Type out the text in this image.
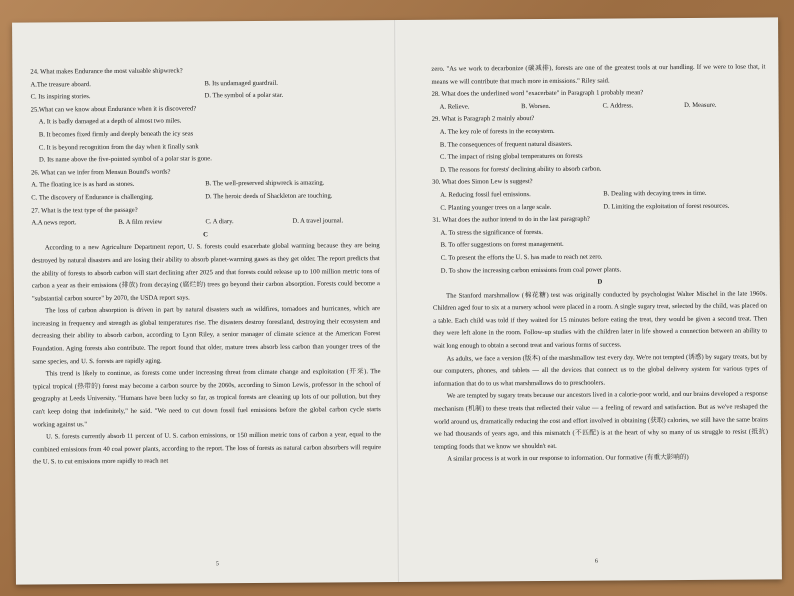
24. What makes Endurance the most valuable shipwreck?
A.The treasure aboard.	B. Its undamaged guardrail.
C. Its inspiring stories.	D. The symbol of a polar star.
25.What can we know about Endurance when it is discovered?
A. It is badly damaged at a depth of almost two miles.
B. It becomes fixed firmly and deeply beneath the icy seas
C. It is beyond recognition from the day when it finally sank
D. Its name above the five-pointed symbol of a polar star is gone.
26. What can we infer from Mensun Bound's words?
A. The floating ice is as hard as stones.	B. The well-preserved shipwreck is amazing.
C. The discovery of Endurance is challenging.	D. The heroic deeds of Shackleton are touching.
27. What is the text type of the passage?
A.A news report.	B. A film review	C. A diary.	D. A travel journal.
C

According to a new Agriculture Department report, U. S. forests could exacerbate global warming because they are being destroyed by natural disasters and are losing their ability to absorb planet-warming gases as they get older. The report predicts that the ability of forests to absorb carbon will start declining after 2025 and that forests could release up to 100 million metric tons of carbon a year as their emissions (排放) from decaying (腐烂的) trees go beyond their carbon absorption. Forests could become a "substantial carbon source" by 2070, the USDA report says.

The loss of carbon absorption is driven in part by natural disasters such as wildfires, tornadoes and hurricanes, which are increasing in frequency and strength as global temperatures rise. The disasters destroy forestland, destroying their ecosystem and decreasing their ability to absorb carbon, according to Lynn Riley, a senior manager of climate science at the American Forest Foundation. Aging forests also contribute. The report found that older, mature trees absorb less carbon than younger trees of the same species, and U. S. forests are rapidly aging.

This trend is likely to continue, as forests come under increasing threat from climate change and exploitation (开采). The typical tropical (热带的) forest may become a carbon source by the 2060s, according to Simon Lewis, professor in the school of geography at Leeds University. "Humans have been lucky so far, as tropical forests are cleaning up lots of our pollution, but they can't keep doing that indefinitely," he said. "We need to cut down fossil fuel emissions before the global carbon cycle starts working against us."

U. S. forests currently absorb 11 percent of U. S. carbon emissions, or 150 million metric tons of carbon a year, equal to the combined emissions from 40 coal power plants, according to the report. The loss of forests as natural carbon absorbers will require the U. S. to cut emissions more rapidly to reach net

5

zero. "As we work to decarbonize (碳减排), forests are one of the greatest tools at our handling. If we were to lose that, it means we will contribute that much more in emissions." Riley said.

28. What does the underlined word "exacerbate" in Paragraph 1 probably mean?
A. Relieve.	B. Worsen.	C. Address.	D. Measure.
29. What is Paragraph 2 mainly about?
A. The key role of forests in the ecosystem.
B. The consequences of frequent natural disasters.
C. The impact of rising global temperatures on forests
D. The reasons for forests' declining ability to absorb carbon.
30. What does Simon Lew is suggest?
A. Reducing fossil fuel emissions.	B. Dealing with decaying trees in time.
C. Planting younger trees on a large scale.	D. Limiting the exploitation of forest resources.
31. What does the author intend to do in the last paragraph?
A. To stress the significance of forests.
B. To offer suggestions on forest management.
C. To present the efforts the U. S. has made to reach net zero.
D. To show the increasing carbon emissions from coal power plants.
D

The Stanford marshmallow (棉花糖) test was originally conducted by psychologist Walter Mischel in the late 1960s. Children aged four to six at a nursery school were placed in a room. A single sugary treat, selected by the child, was placed on a table. Each child was told if they waited for 15 minutes before eating the treat, they would be given a second treat. Then they were left alone in the room. Follow-up studies with the children later in life showed a connection between an ability to wait long enough to obtain a second treat and various forms of success.

As adults, we face a version (版本) of the marshmallow test every day. We're not tempted (诱惑) by sugary treats, but by our computers, phones, and tablets — all the devices that connect us to the global delivery system for various types of information that do to us what marshmallows do to preschoolers.

We are tempted by sugary treats because our ancestors lived in a calorie-poor world, and our brains developed a response mechanism (机制) to these treats that reflected their value — a feeling of reward and satisfaction. But as we've reshaped the world around us, dramatically reducing the cost and effort involved in obtaining (获取) calories, we still have the same brains we had thousands of years ago, and this mismatch (不匹配) is at the heart of why so many of us struggle to resist (抵抗) tempting foods that we know we shouldn't eat.

A similar process is at work in our response to information. Our formative (有重大影响的)

6
